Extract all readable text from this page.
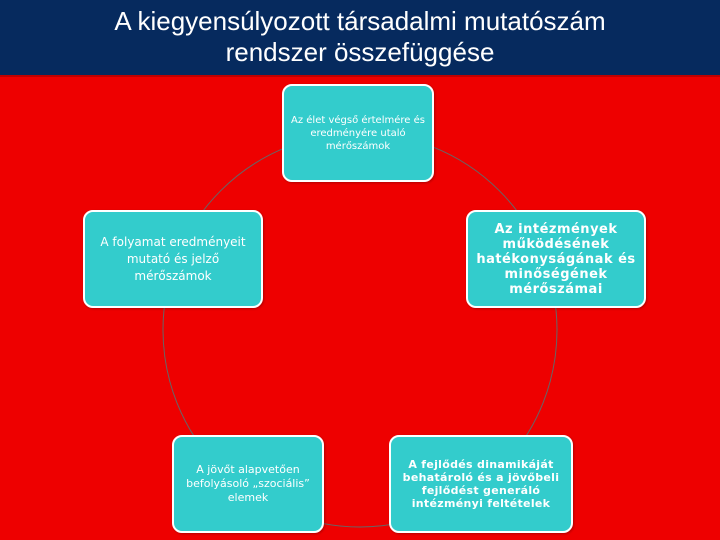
A kiegyensúlyozott társadalmi mutatószám
rendszer összefüggése
Az élet végső értelmére és eredményére utaló mérőszámok
Az intézmények működésének hatékonyságának és minőségének mérőszámai
A fejlődés dinamikáját behatároló és a jövőbeli fejlődést generáló intézményi feltételek
A jövőt alapvetően befolyásoló „szociális” elemek
A folyamat eredményeit mutató és jelző mérőszámok
